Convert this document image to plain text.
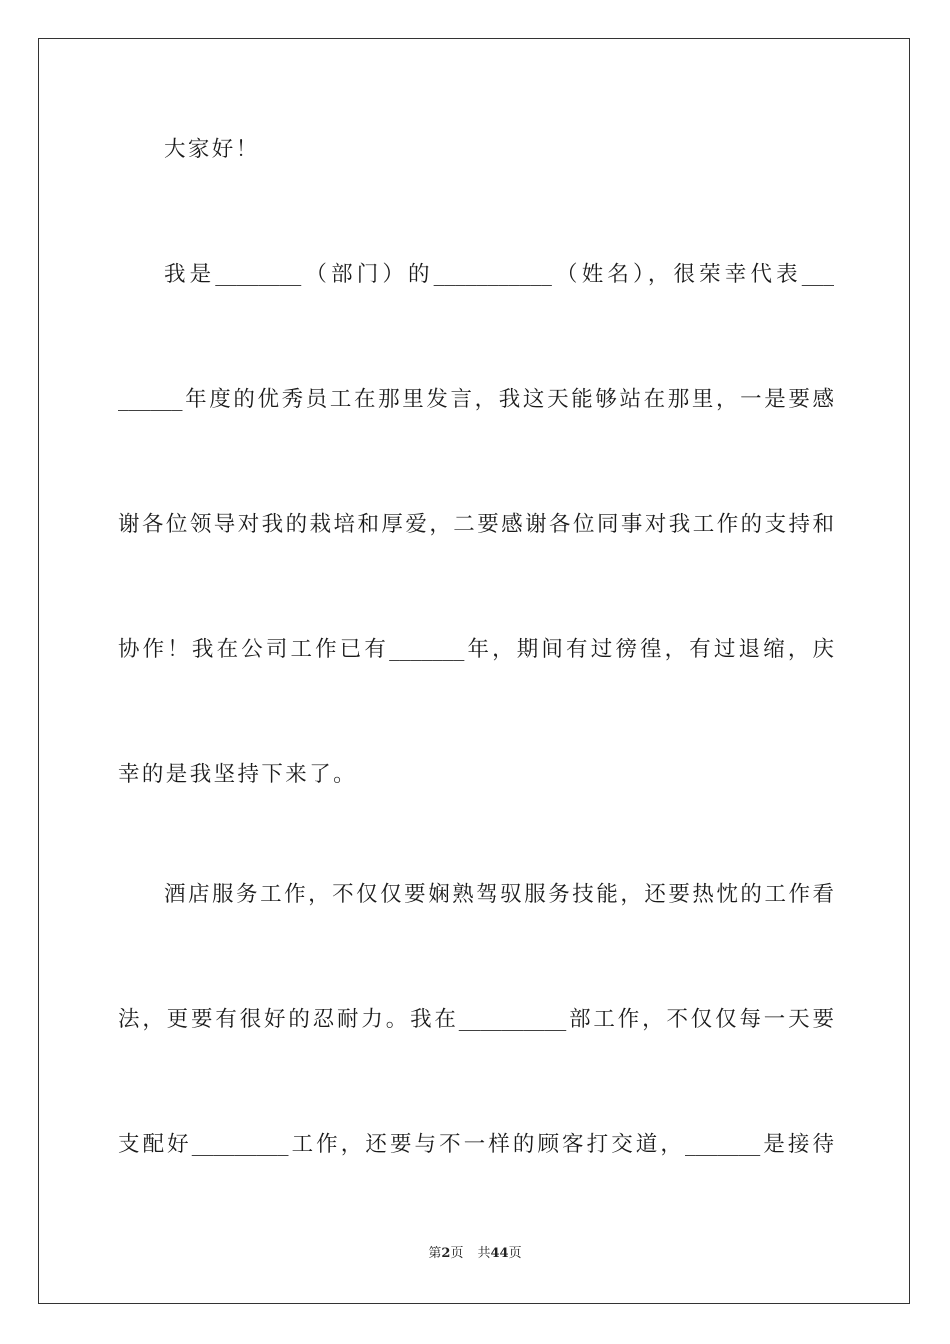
大家好！
我是________（部门）的___________（姓名），很荣幸代表___
______年度的优秀员工在那里发言，我这天能够站在那里，一是要感
谢各位领导对我的栽培和厚爱，二要感谢各位同事对我工作的支持和
协作！我在公司工作已有_______年，期间有过徬徨，有过退缩，庆
幸的是我坚持下来了。
酒店服务工作，不仅仅要娴熟驾驭服务技能，还要热忱的工作看
法，更要有很好的忍耐力。我在__________部工作，不仅仅每一天要
支配好_________工作，还要与不一样的顾客打交道，_______是接待
第2页 共44页
